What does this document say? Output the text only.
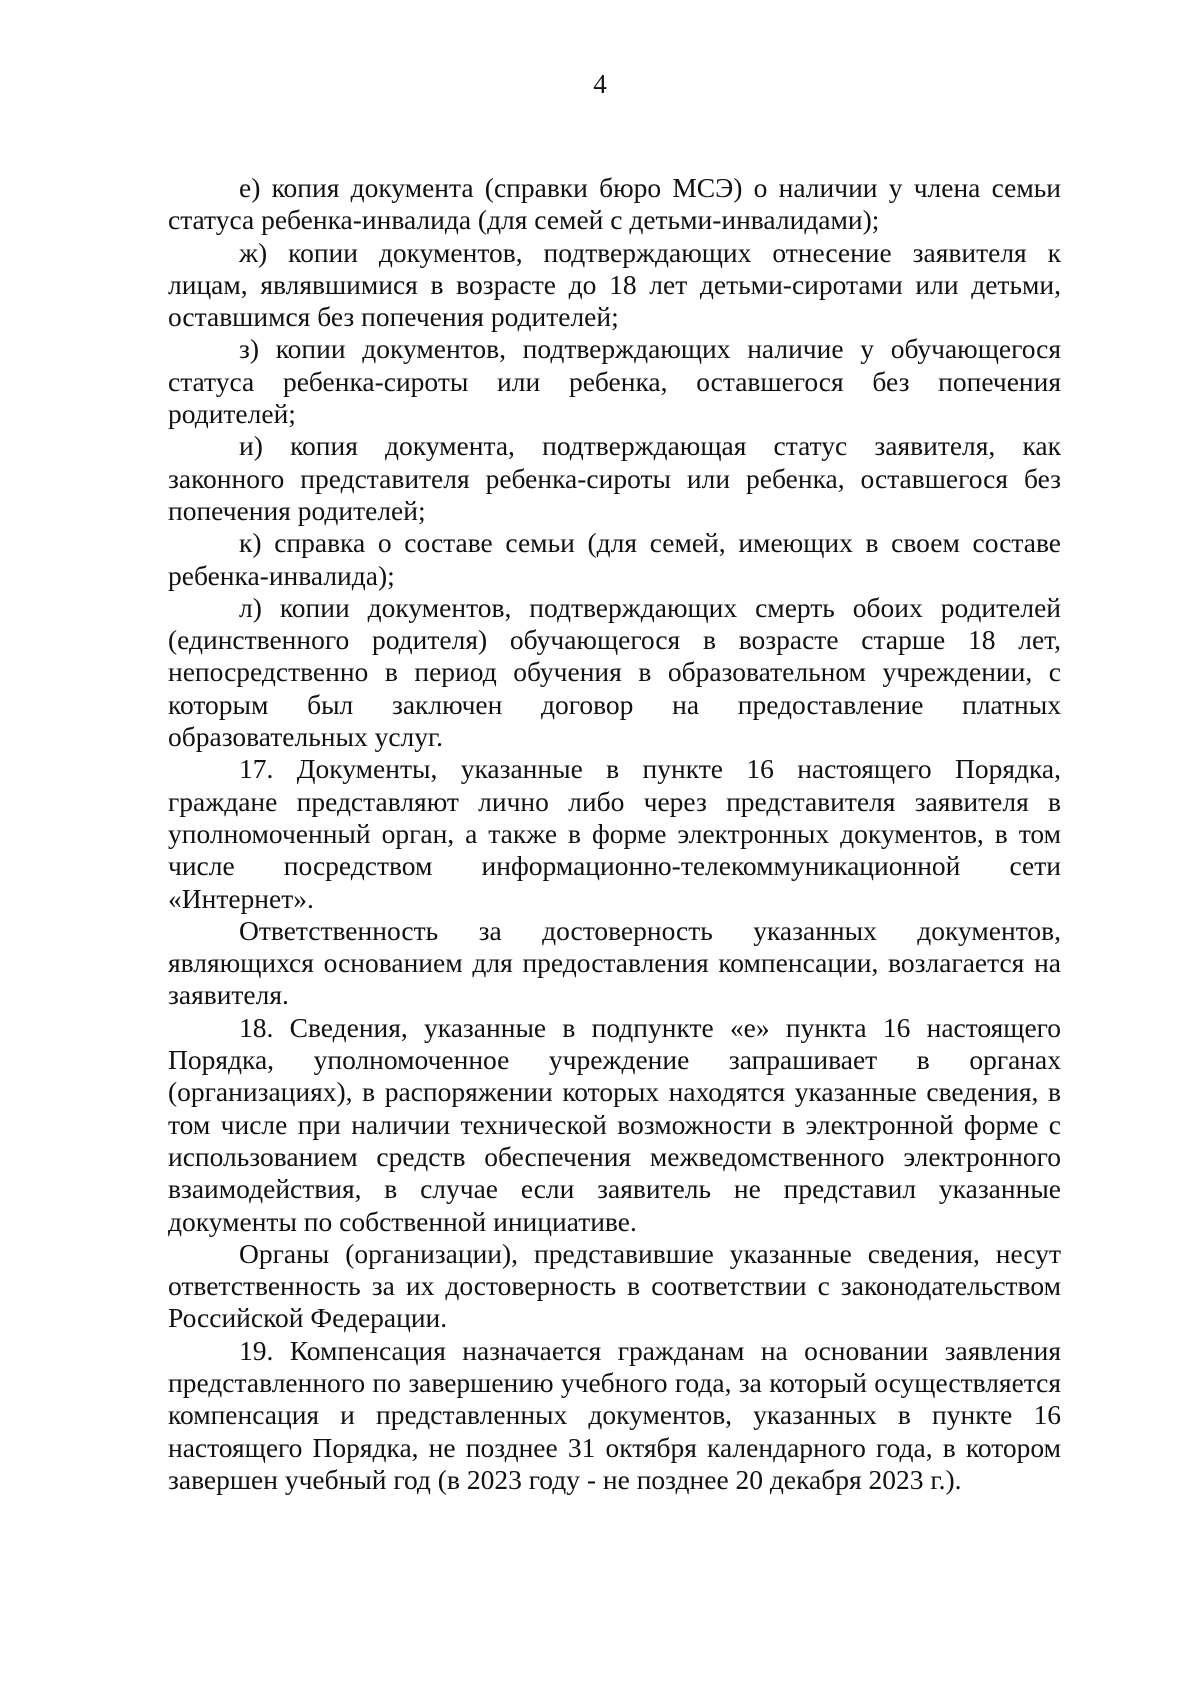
4

е) копия документа (справки бюро МСЭ) о наличии у члена семьи статуса ребенка-инвалида (для семей с детьми-инвалидами);

ж) копии документов, подтверждающих отнесение заявителя к лицам, являвшимися в возрасте до 18 лет детьми-сиротами или детьми, оставшимся без попечения родителей;

з) копии документов, подтверждающих наличие у обучающегося статуса ребенка-сироты или ребенка, оставшегося без попечения родителей;

и) копия документа, подтверждающая статус заявителя, как законного представителя ребенка-сироты или ребенка, оставшегося без попечения родителей;

к) справка о составе семьи (для семей, имеющих в своем составе ребенка-инвалида);

л) копии документов, подтверждающих смерть обоих родителей (единственного родителя) обучающегося в возрасте старше 18 лет, непосредственно в период обучения в образовательном учреждении, с которым был заключен договор на предоставление платных образовательных услуг.

17. Документы, указанные в пункте 16 настоящего Порядка, граждане представляют лично либо через представителя заявителя в уполномоченный орган, а также в форме электронных документов, в том числе посредством информационно-телекоммуникационной сети «Интернет».

Ответственность за достоверность указанных документов, являющихся основанием для предоставления компенсации, возлагается на заявителя.

18. Сведения, указанные в подпункте «е» пункта 16 настоящего Порядка, уполномоченное учреждение запрашивает в органах (организациях), в распоряжении которых находятся указанные сведения, в том числе при наличии технической возможности в электронной форме с использованием средств обеспечения межведомственного электронного взаимодействия, в случае если заявитель не представил указанные документы по собственной инициативе.

Органы (организации), представившие указанные сведения, несут ответственность за их достоверность в соответствии с законодательством Российской Федерации.

19. Компенсация назначается гражданам на основании заявления представленного по завершению учебного года, за который осуществляется компенсация и представленных документов, указанных в пункте 16 настоящего Порядка, не позднее 31 октября календарного года, в котором завершен учебный год (в 2023 году - не позднее 20 декабря 2023 г.).
